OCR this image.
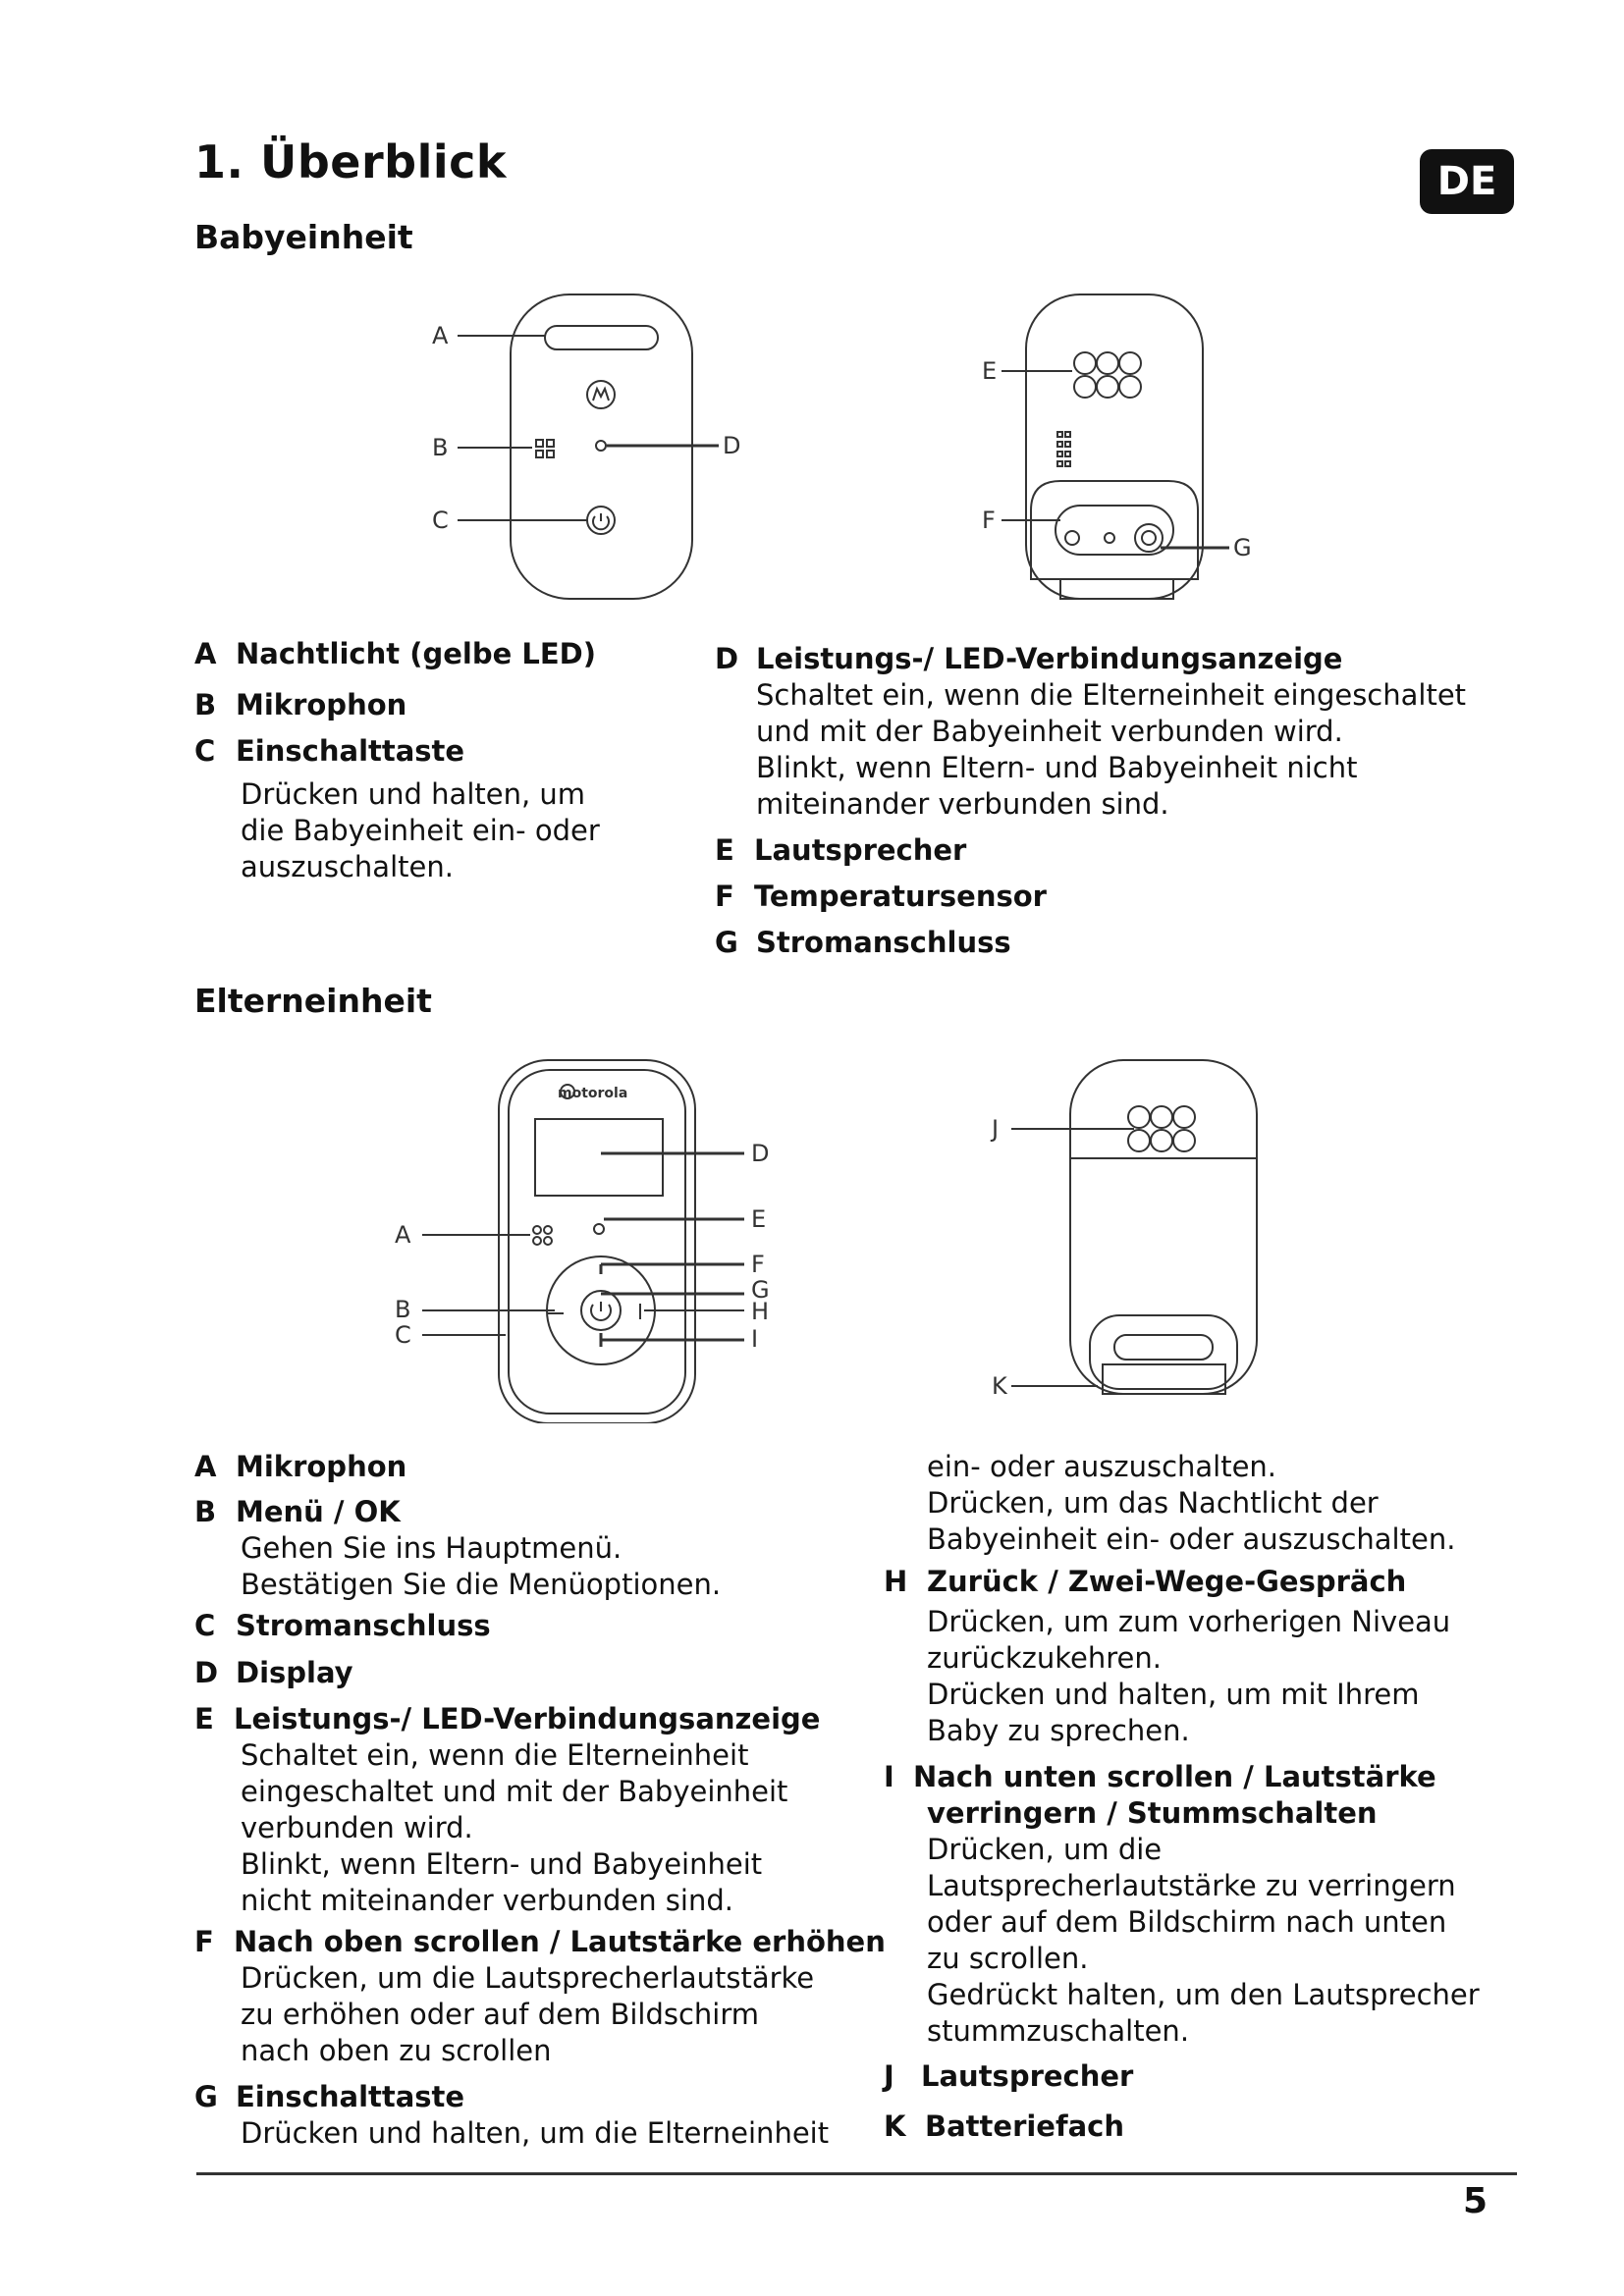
1. Überblick	DE
Babyeinheit
A
B
C
D
E
F
G
A Nachtlicht (gelbe LED)
B Mikrophon
C Einschalttaste
Drücken und halten, um
die Babyeinheit ein- oder
auszuschalten.
D Leistungs-/ LED-Verbindungsanzeige
Schaltet ein, wenn die Elterneinheit eingeschaltet
und mit der Babyeinheit verbunden wird.
Blinkt, wenn Eltern- und Babyeinheit nicht
miteinander verbunden sind.
E Lautsprecher
F Temperatursensor
G Stromanschluss
Elterneinheit
motorola
A
B
C
D
E
F
G
H
I
J
K
A Mikrophon
B Menü / OK
Gehen Sie ins Hauptmenü.
Bestätigen Sie die Menüoptionen.
C Stromanschluss
D Display
E Leistungs-/ LED-Verbindungsanzeige
Schaltet ein, wenn die Elterneinheit
eingeschaltet und mit der Babyeinheit
verbunden wird.
Blinkt, wenn Eltern- und Babyeinheit
nicht miteinander verbunden sind.
F Nach oben scrollen / Lautstärke erhöhen
Drücken, um die Lautsprecherlautstärke
zu erhöhen oder auf dem Bildschirm
nach oben zu scrollen
G Einschalttaste
Drücken und halten, um die Elterneinheit
ein- oder auszuschalten.
Drücken, um das Nachtlicht der
Babyeinheit ein- oder auszuschalten.
H Zurück / Zwei-Wege-Gespräch
Drücken, um zum vorherigen Niveau
zurückzukehren.
Drücken und halten, um mit Ihrem
Baby zu sprechen.
I Nach unten scrollen / Lautstärke
verringern / Stummschalten
Drücken, um die
Lautsprecherlautstärke zu verringern
oder auf dem Bildschirm nach unten
zu scrollen.
Gedrückt halten, um den Lautsprecher
stummzuschalten.
J Lautsprecher
K Batteriefach
5
